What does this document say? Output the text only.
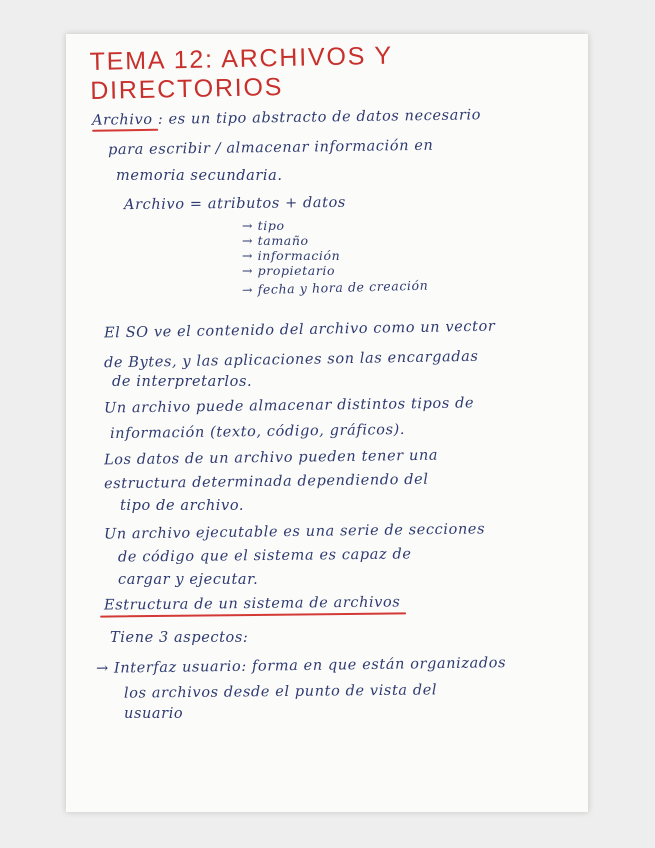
TEMA 12: ARCHIVOS Y DIRECTORIOS
Archivo : es un tipo abstracto de datos necesario
para escribir / almacenar información en
memoria secundaria.
Archivo = atributos + datos
→ tipo
→ tamaño
→ información
→ propietario
→ fecha y hora de creación
El SO ve el contenido del archivo como un vector
de Bytes, y las aplicaciones son las encargadas
de interpretarlos.
Un archivo puede almacenar distintos tipos de
información (texto, código, gráficos).
Los datos de un archivo pueden tener una
estructura determinada dependiendo del
tipo de archivo.
Un archivo ejecutable es una serie de secciones
de código que el sistema es capaz de
cargar y ejecutar.
Estructura de un sistema de archivos
Tiene 3 aspectos:
→ Interfaz usuario: forma en que están organizados
los archivos desde el punto de vista del
usuario
